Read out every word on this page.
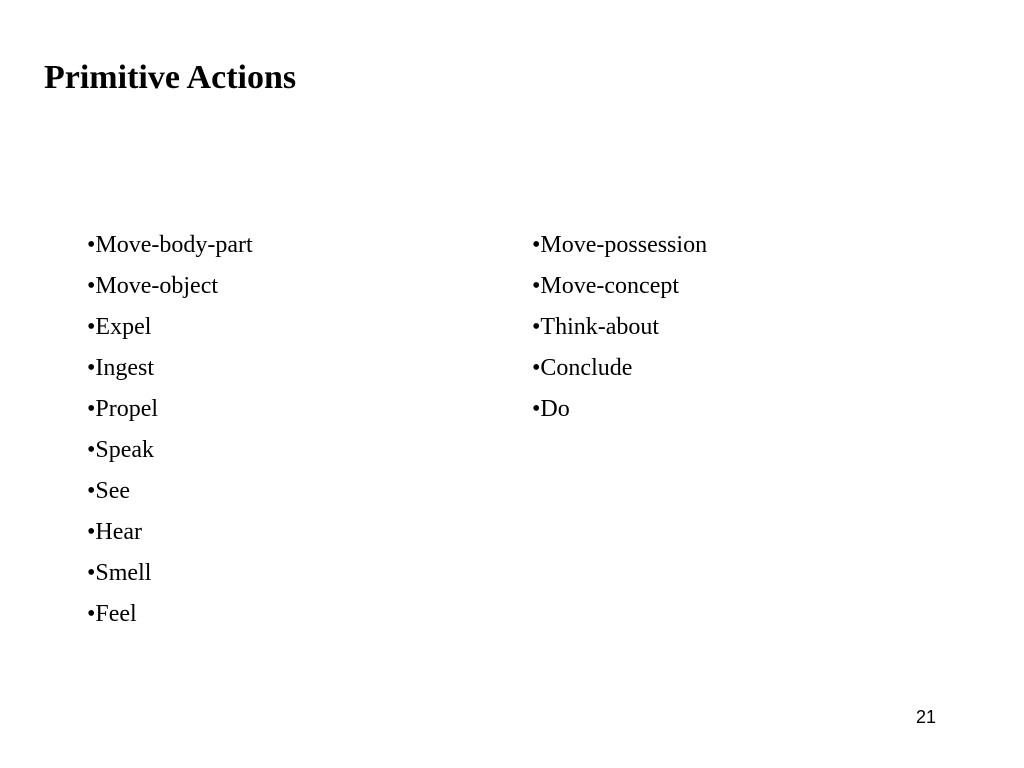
Primitive Actions
•Move-body-part
•Move-object
•Expel
•Ingest
•Propel
•Speak
•See
•Hear
•Smell
•Feel
•Move-possession
•Move-concept
•Think-about
•Conclude
•Do
21
